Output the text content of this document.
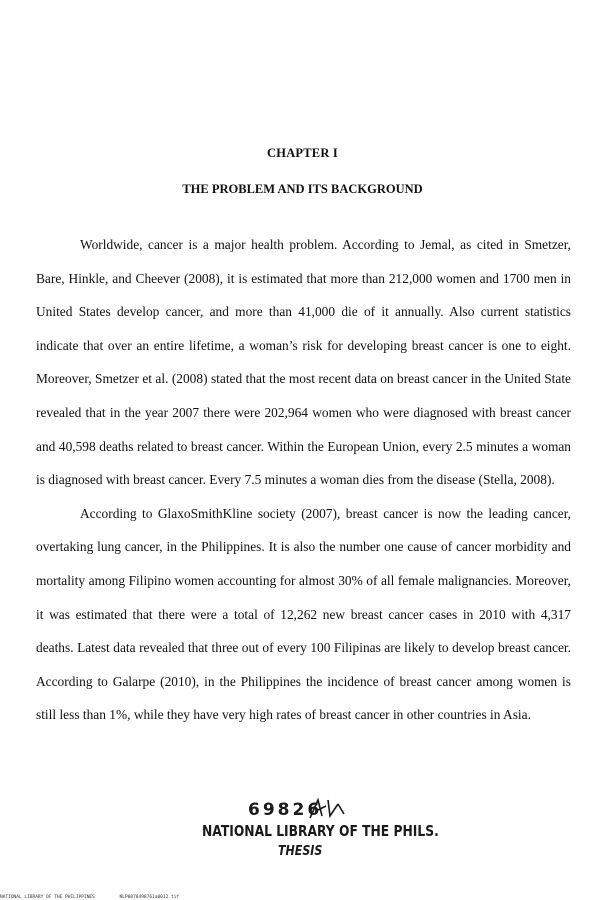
CHAPTER I
THE PROBLEM AND ITS BACKGROUND

Worldwide, cancer is a major health problem. According to Jemal, as cited in Smetzer, Bare, Hinkle, and Cheever (2008), it is estimated that more than 212,000 women and 1700 men in United States develop cancer, and more than 41,000 die of it annually. Also current statistics indicate that over an entire lifetime, a woman’s risk for developing breast cancer is one to eight. Moreover, Smetzer et al. (2008) stated that the most recent data on breast cancer in the United State revealed that in the year 2007 there were 202,964 women who were diagnosed with breast cancer and 40,598 deaths related to breast cancer. Within the European Union, every 2.5 minutes a woman is diagnosed with breast cancer. Every 7.5 minutes a woman dies from the disease (Stella, 2008).

According to GlaxoSmithKline society (2007), breast cancer is now the leading cancer, overtaking lung cancer, in the Philippines. It is also the number one cause of cancer morbidity and mortality among Filipino women accounting for almost 30% of all female malignancies. Moreover, it was estimated that there were a total of 12,262 new breast cancer cases in 2010 with 4,317 deaths. Latest data revealed that three out of every 100 Filipinas are likely to develop breast cancer. According to Galarpe (2010), in the Philippines the incidence of breast cancer among women is still less than 1%, while they have very high rates of breast cancer in other countries in Asia.

69826
NATIONAL LIBRARY OF THE PHILS.
THESIS
NATIONAL LIBRARY OF THE PHILIPPINES	NLP0078498761a0012.tif
